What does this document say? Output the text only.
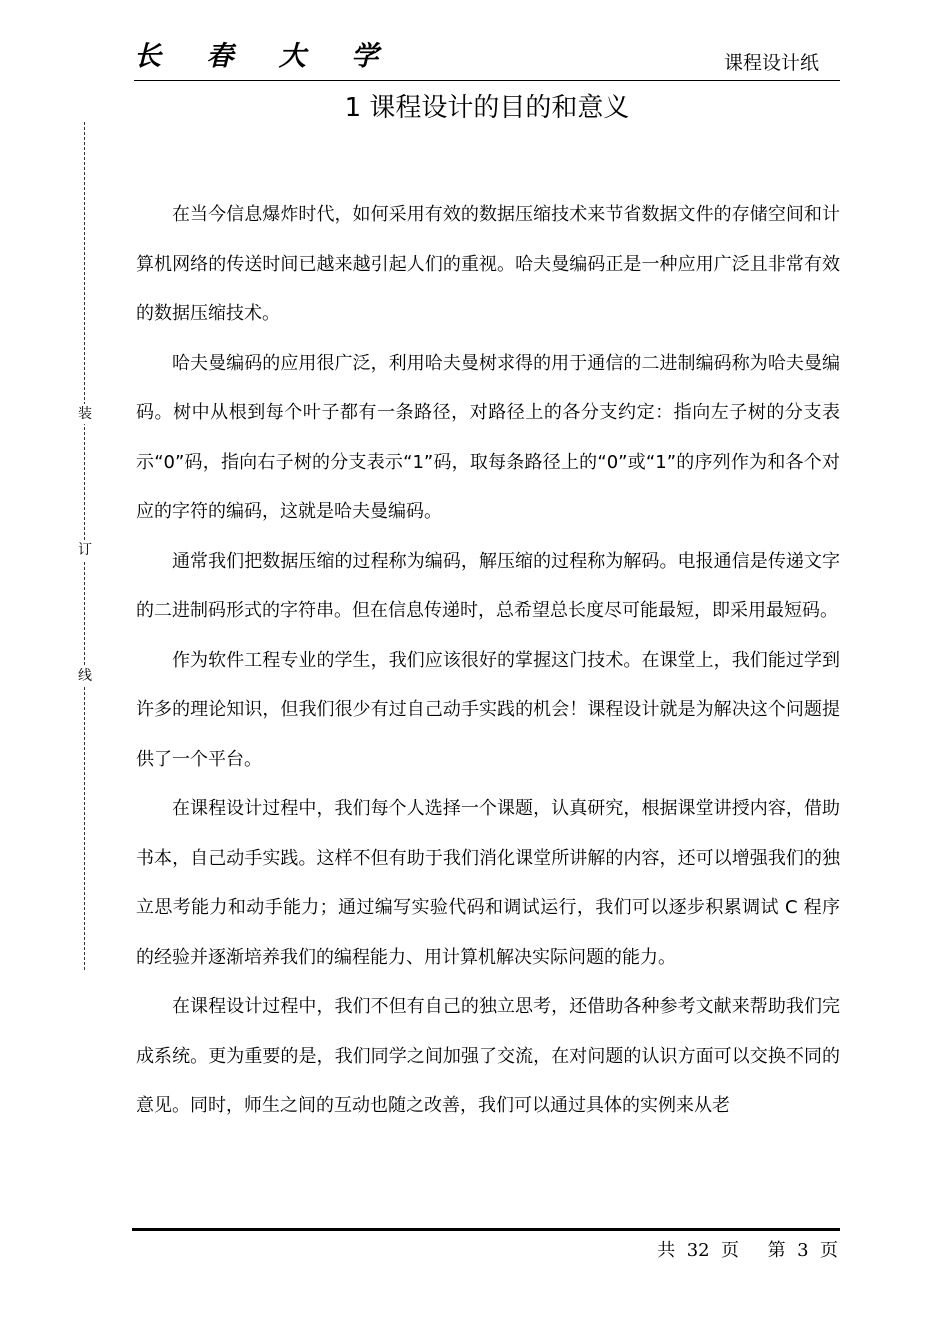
长 春 大 学	课程设计纸
装
订
线
1 课程设计的目的和意义

在当今信息爆炸时代，如何采用有效的数据压缩技术来节省数据文件的存储空间和计算机网络的传送时间已越来越引起人们的重视。哈夫曼编码正是一种应用广泛且非常有效的数据压缩技术。

哈夫曼编码的应用很广泛，利用哈夫曼树求得的用于通信的二进制编码称为哈夫曼编码。树中从根到每个叶子都有一条路径，对路径上的各分支约定：指向左子树的分支表示“0”码，指向右子树的分支表示“1”码，取每条路径上的“0”或“1”的序列作为和各个对应的字符的编码，这就是哈夫曼编码。

通常我们把数据压缩的过程称为编码，解压缩的过程称为解码。电报通信是传递文字的二进制码形式的字符串。但在信息传递时，总希望总长度尽可能最短，即采用最短码。

作为软件工程专业的学生，我们应该很好的掌握这门技术。在课堂上，我们能过学到许多的理论知识，但我们很少有过自己动手实践的机会！课程设计就是为解决这个问题提供了一个平台。

在课程设计过程中，我们每个人选择一个课题，认真研究，根据课堂讲授内容，借助书本，自己动手实践。这样不但有助于我们消化课堂所讲解的内容，还可以增强我们的独立思考能力和动手能力；通过编写实验代码和调试运行，我们可以逐步积累调试 C 程序的经验并逐渐培养我们的编程能力、用计算机解决实际问题的能力。

在课程设计过程中，我们不但有自己的独立思考，还借助各种参考文献来帮助我们完成系统。更为重要的是，我们同学之间加强了交流，在对问题的认识方面可以交换不同的意见。同时，师生之间的互动也随之改善，我们可以通过具体的实例来从老

共  32  页     第  3  页
